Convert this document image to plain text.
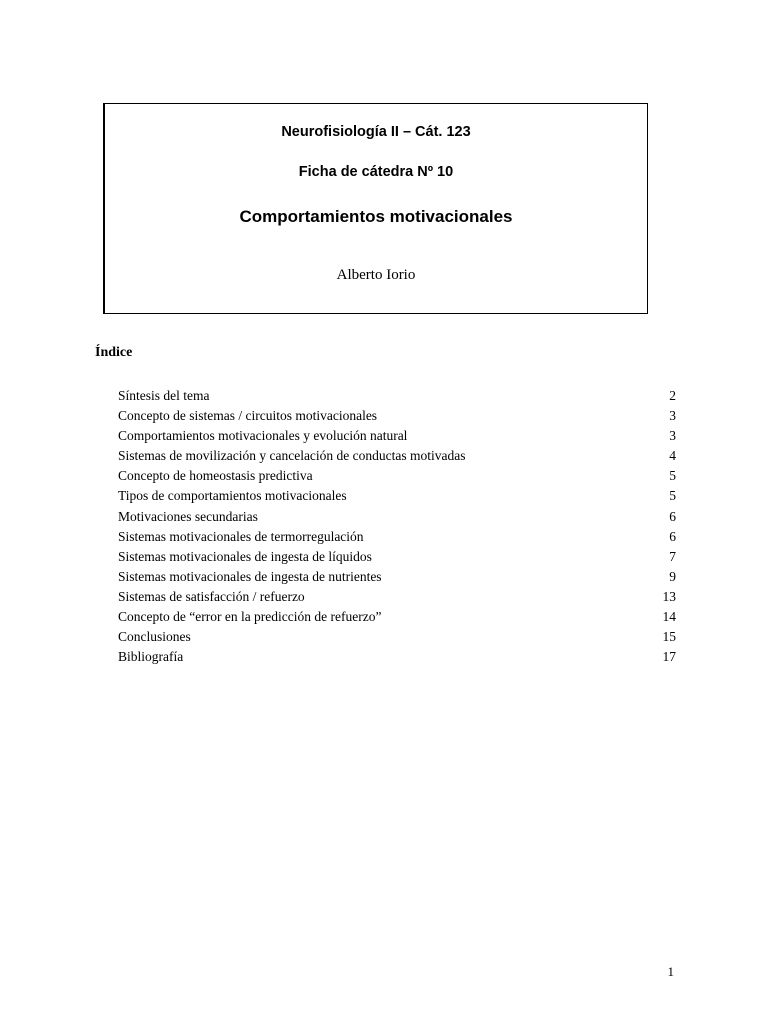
Neurofisiología II – Cát. 123
Ficha de cátedra Nº 10
Comportamientos motivacionales
Alberto Iorio
Índice
Síntesis del tema	2
Concepto de sistemas / circuitos motivacionales	3
Comportamientos motivacionales y evolución natural	3
Sistemas de movilización y cancelación de conductas motivadas	4
Concepto de homeostasis predictiva	5
Tipos de comportamientos motivacionales	5
Motivaciones secundarias	6
Sistemas motivacionales de termorregulación	6
Sistemas motivacionales de ingesta de líquidos	7
Sistemas motivacionales de ingesta de nutrientes	9
Sistemas de satisfacción / refuerzo	13
Concepto de “error en la predicción de refuerzo”	14
Conclusiones	15
Bibliografía	17
1
